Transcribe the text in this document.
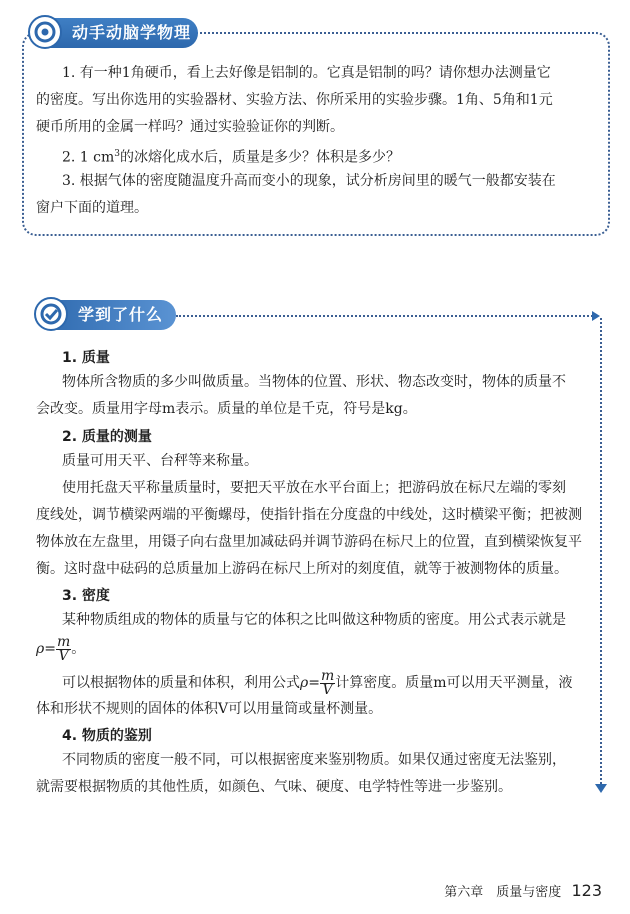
动手动脑学物理
1. 有一种1角硬币，看上去好像是铝制的。它真是铝制的吗？请你想办法测量它
的密度。写出你选用的实验器材、实验方法、你所采用的实验步骤。1角、5角和1元
硬币所用的金属一样吗？通过实验验证你的判断。
2. 1 $cm^3$的冰熔化成水后，质量是多少？体积是多少？
3. 根据气体的密度随温度升高而变小的现象，试分析房间里的暖气一般都安装在
窗户下面的道理。
学到了什么
1. 质量
物体所含物质的多少叫做质量。当物体的位置、形状、物态改变时，物体的质量不
会改变。质量用字母m表示。质量的单位是千克，符号是kg。
2. 质量的测量
质量可用天平、台秤等来称量。
使用托盘天平称量质量时，要把天平放在水平台面上；把游码放在标尺左端的零刻
度线处，调节横梁两端的平衡螺母，使指针指在分度盘的中线处，这时横梁平衡；把被测
物体放在左盘里，用镊子向右盘里加减砝码并调节游码在标尺上的位置，直到横梁恢复平
衡。这时盘中砝码的总质量加上游码在标尺上所对的刻度值，就等于被测物体的质量。
3. 密度
某种物质组成的物体的质量与它的体积之比叫做这种物质的密度。用公式表示就是
$\rho= \frac{m}{V}$ 。
可以根据物体的质量和体积，利用公式$\rho= \frac{m}{V}$ 计算密度。质量m可以用天平测量，液
体和形状不规则的固体的体积V可以用量筒或量杯测量。
4. 物质的鉴别
不同物质的密度一般不同，可以根据密度来鉴别物质。如果仅通过密度无法鉴别，
就需要根据物质的其他性质，如颜色、气味、硬度、电学特性等进一步鉴别。
第六章　质量与密度 123
